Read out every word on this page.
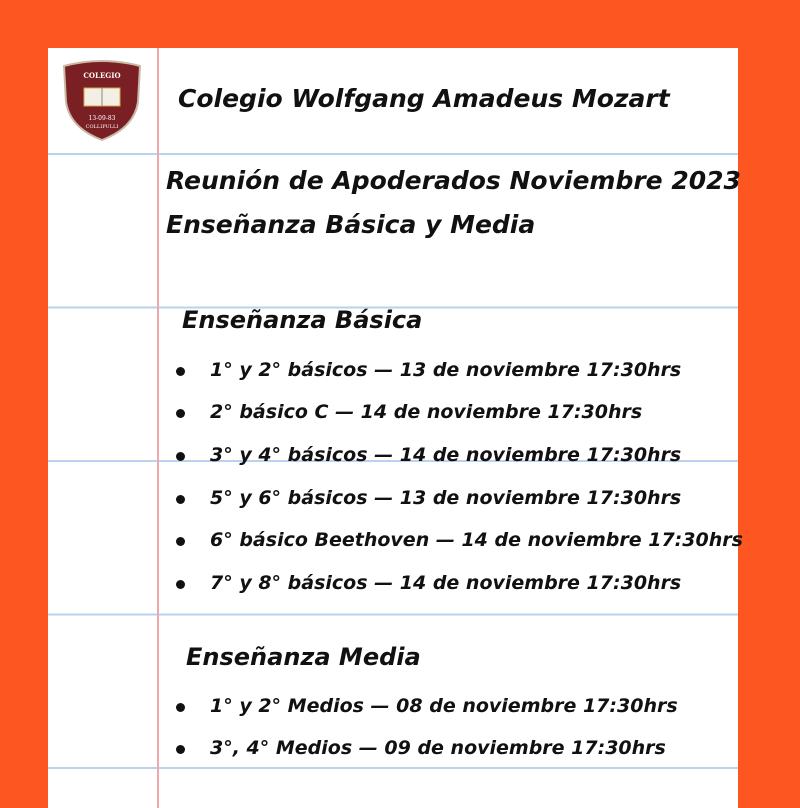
COLEGIO
13-09-83
COLLIPULLI
Colegio Wolfgang Amadeus Mozart
Reunión de Apoderados Noviembre 2023
Enseñanza Básica y Media
Enseñanza Básica
1° y 2° básicos — 13 de noviembre 17:30hrs
2° básico C — 14 de noviembre 17:30hrs
3° y 4° básicos — 14 de noviembre 17:30hrs
5° y 6° básicos — 13 de noviembre 17:30hrs
6° básico Beethoven — 14 de noviembre 17:30hrs
7° y 8° básicos — 14 de noviembre 17:30hrs
Enseñanza Media
1° y 2° Medios — 08 de noviembre 17:30hrs
3°, 4° Medios — 09 de noviembre 17:30hrs
